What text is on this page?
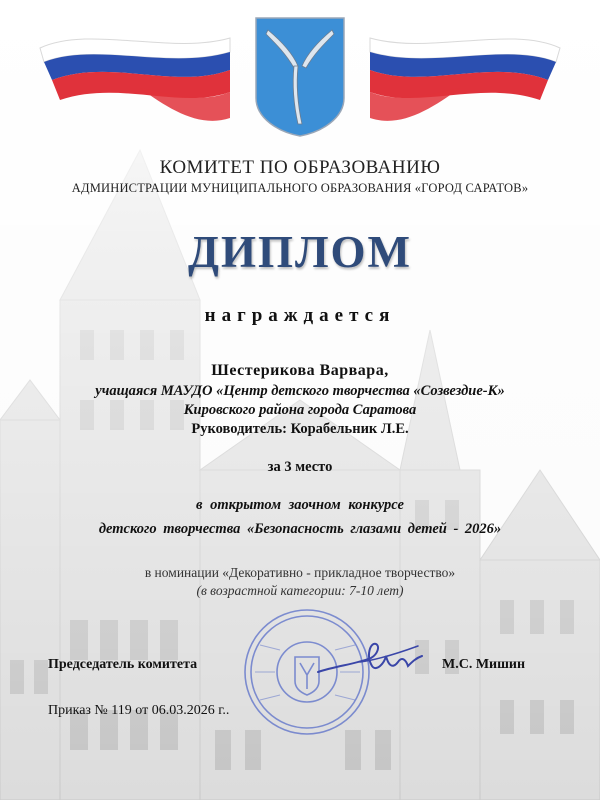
КОМИТЕТ ПО ОБРАЗОВАНИЮ
АДМИНИСТРАЦИИ МУНИЦИПАЛЬНОГО ОБРАЗОВАНИЯ «ГОРОД САРАТОВ»
ДИПЛОМ
награждается
Шестерикова Варвара,
учащаяся МАУДО «Центр детского творчества «Созвездие-К»
Кировского района города Саратова
Руководитель: Корабельник Л.Е.
за 3 место
в открытом заочном конкурсе
детского творчества «Безопасность глазами детей - 2026»
в номинации «Декоративно - прикладное творчество»
(в возрастной категории: 7-10 лет)
Председатель комитета	М.С. Мишин
Приказ № 119 от 06.03.2026 г..
